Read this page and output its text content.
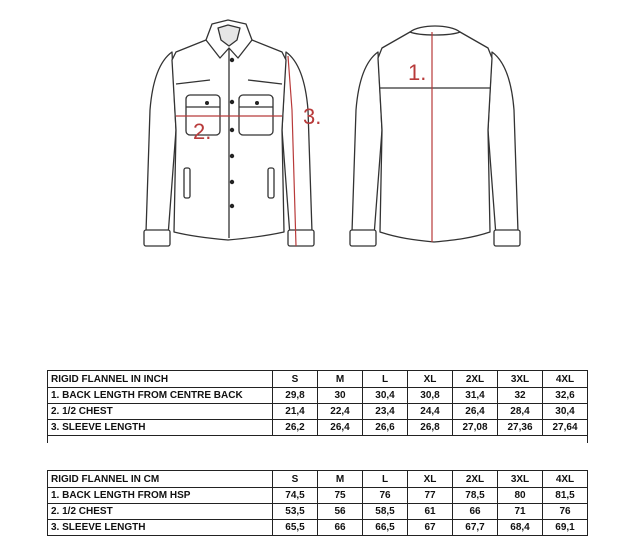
2.
3.
1.
RIGID FLANNEL IN INCH	S	M	L	XL	2XL	3XL	4XL
1. BACK LENGTH FROM CENTRE BACK	29,8	30	30,4	30,8	31,4	32	32,6
2. 1/2 CHEST	21,4	22,4	23,4	24,4	26,4	28,4	30,4
3. SLEEVE LENGTH	26,2	26,4	26,6	26,8	27,08	27,36	27,64

RIGID FLANNEL IN CM	S	M	L	XL	2XL	3XL	4XL
1. BACK LENGTH FROM HSP	74,5	75	76	77	78,5	80	81,5
2. 1/2 CHEST	53,5	56	58,5	61	66	71	76
3. SLEEVE LENGTH	65,5	66	66,5	67	67,7	68,4	69,1
